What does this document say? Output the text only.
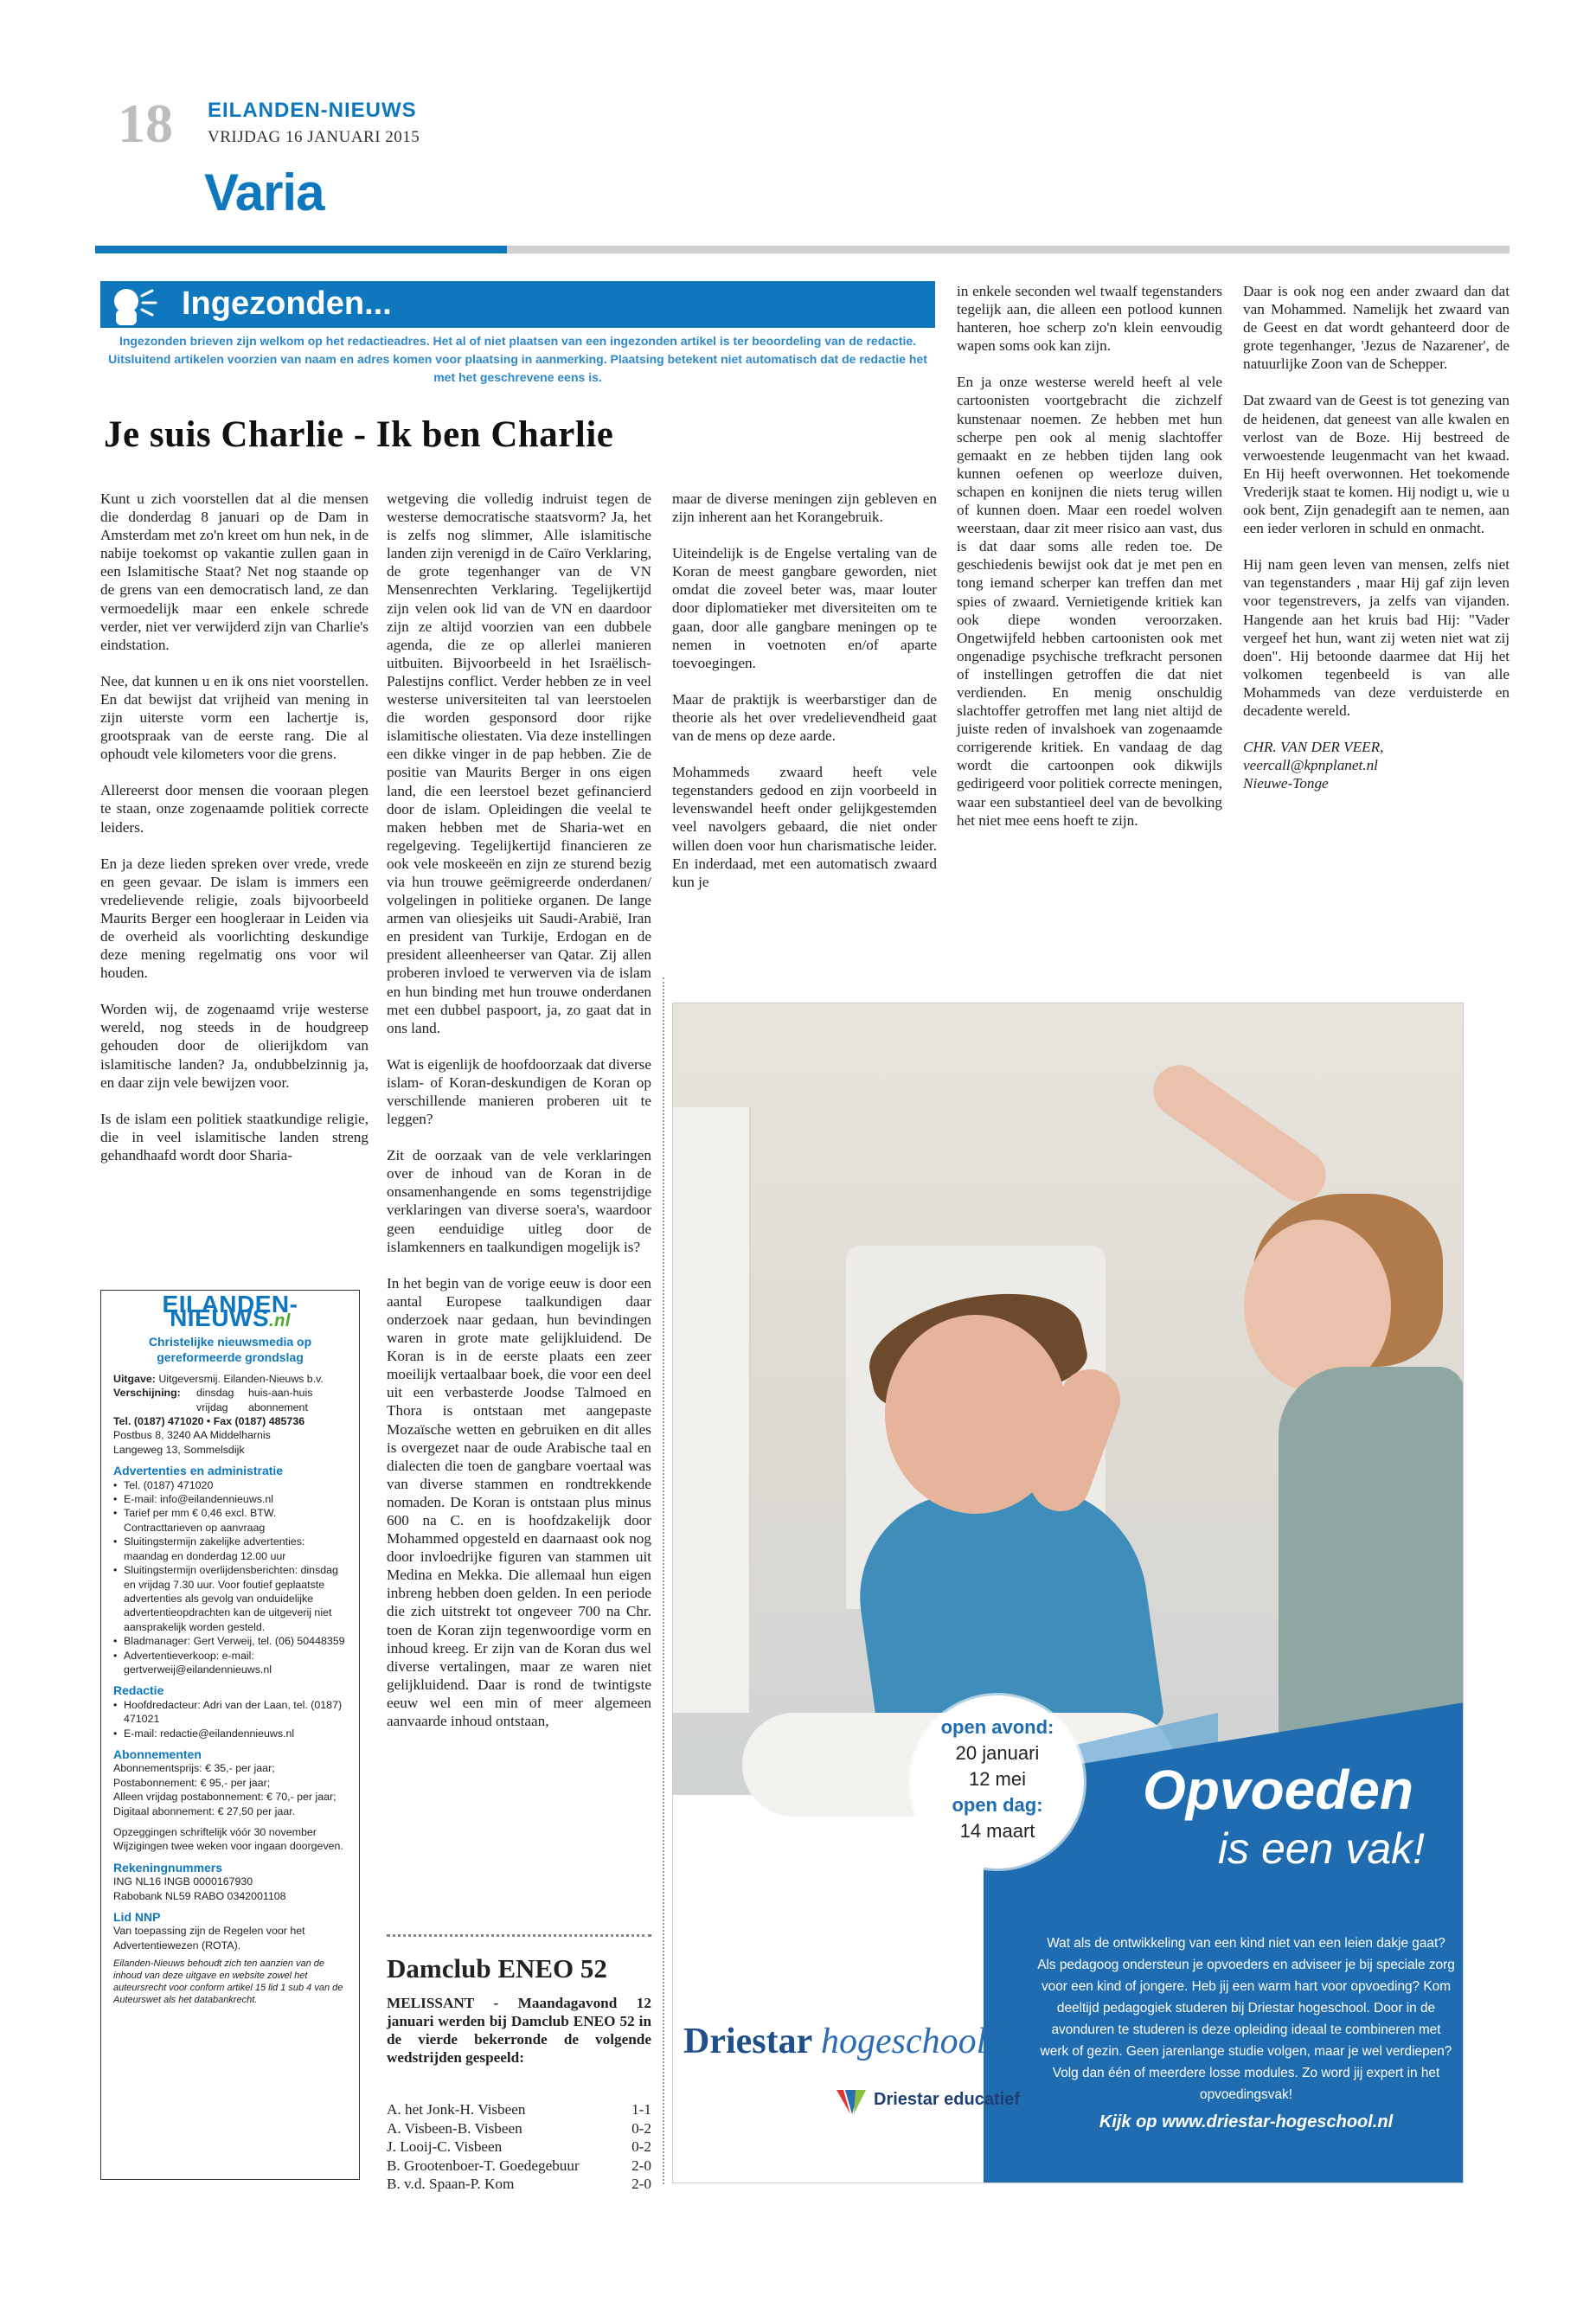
18 EILANDEN-NIEUWS
VRIJDAG 16 JANUARI 2015
Varia
Ingezonden...
Ingezonden brieven zijn welkom op het redactieadres. Het al of niet plaatsen van een ingezonden artikel is ter beoordeling van de redactie. Uitsluitend artikelen voorzien van naam en adres komen voor plaatsing in aanmerking. Plaatsing betekent niet automatisch dat de redactie het met het geschrevene eens is.
Je suis Charlie - Ik ben Charlie

Kunt u zich voorstellen dat al die mensen die donderdag 8 januari op de Dam in Amsterdam met zo'n kreet om hun nek, in de nabije toekomst op vakantie zullen gaan in een Islamitische Staat? Net nog staande op de grens van een democratisch land, ze dan vermoedelijk maar een enkele schrede verder, niet ver verwijderd zijn van Charlie's eindstation.

Nee, dat kunnen u en ik ons niet voorstellen. En dat bewijst dat vrijheid van mening in zijn uiterste vorm een lachertje is, grootspraak van de eerste rang. Die al ophoudt vele kilometers voor die grens.

Allereerst door mensen die vooraan plegen te staan, onze zogenaamde politiek correcte leiders.

En ja deze lieden spreken over vrede, vrede en geen gevaar. De islam is immers een vredelievende religie, zoals bijvoorbeeld Maurits Berger een hoogleraar in Leiden via de overheid als voorlichting deskundige deze mening regelmatig ons voor wil houden.

Worden wij, de zogenaamd vrije westerse wereld, nog steeds in de houdgreep gehouden door de olierijkdom van islamitische landen? Ja, ondubbelzinnig ja, en daar zijn vele bewijzen voor.

Is de islam een politiek staatkundige religie, die in veel islamitische landen streng gehandhaafd wordt door Sharia-

wetgeving die volledig indruist tegen de westerse democratische staatsvorm? Ja, het is zelfs nog slimmer, Alle islamitische landen zijn verenigd in de Caïro Verklaring, de grote tegenhanger van de VN Mensenrechten Verklaring. Tegelijkertijd zijn velen ook lid van de VN en daardoor zijn ze altijd voorzien van een dubbele agenda, die ze op allerlei manieren uitbuiten. Bijvoorbeeld in het Israëlisch-Palestijns conflict. Verder hebben ze in veel westerse universiteiten tal van leerstoelen die worden gesponsord door rijke islamitische oliestaten. Via deze instellingen een dikke vinger in de pap hebben. Zie de positie van Maurits Berger in ons eigen land, die een leerstoel bezet gefinancierd door de islam. Opleidingen die veelal te maken hebben met de Sharia-wet en regelgeving. Tegelijkertijd financieren ze ook vele moskeeën en zijn ze sturend bezig via hun trouwe geëmigreerde onderdanen/ volgelingen in politieke organen. De lange armen van oliesjeiks uit Saudi-Arabië, Iran en president van Turkije, Erdogan en de president alleenheerser van Qatar. Zij allen proberen invloed te verwerven via de islam en hun binding met hun trouwe onderdanen met een dubbel paspoort, ja, zo gaat dat in ons land.

Wat is eigenlijk de hoofdoorzaak dat diverse islam- of Koran-deskundigen de Koran op verschillende manieren proberen uit te leggen?

Zit de oorzaak van de vele verklaringen over de inhoud van de Koran in de onsamenhangende en soms tegenstrijdige verklaringen van diverse soera's, waardoor geen eenduidige uitleg door de islamkenners en taalkundigen mogelijk is?

In het begin van de vorige eeuw is door een aantal Europese taalkundigen daar onderzoek naar gedaan, hun bevindingen waren in grote mate gelijkluidend. De Koran is in de eerste plaats een zeer moeilijk vertaalbaar boek, die voor een deel uit een verbasterde Joodse Talmoed en Thora is ontstaan met aangepaste Mozaïsche wetten en gebruiken en dit alles is overgezet naar de oude Arabische taal en dialecten die toen de gangbare voertaal was van diverse stammen en rondtrekkende nomaden. De Koran is ontstaan plus minus 600 na C. en is hoofdzakelijk door Mohammed opgesteld en daarnaast ook nog door invloedrijke figuren van stammen uit Medina en Mekka. Die allemaal hun eigen inbreng hebben doen gelden. In een periode die zich uitstrekt tot ongeveer 700 na Chr. toen de Koran zijn tegenwoordige vorm en inhoud kreeg. Er zijn van de Koran dus wel diverse vertalingen, maar ze waren niet gelijkluidend. Daar is rond de twintigste eeuw wel een min of meer algemeen aanvaarde inhoud ontstaan,

maar de diverse meningen zijn gebleven en zijn inherent aan het Korangebruik.

Uiteindelijk is de Engelse vertaling van de Koran de meest gangbare geworden, niet omdat die zoveel beter was, maar louter door diplomatieker met diversiteiten om te gaan, door alle gangbare meningen op te nemen in voetnoten en/of aparte toevoegingen.

Maar de praktijk is weerbarstiger dan de theorie als het over vredelievendheid gaat van de mens op deze aarde.

Mohammeds zwaard heeft vele tegenstanders gedood en zijn voorbeeld in levenswandel heeft onder gelijkgestemden veel navolgers gebaard, die niet onder willen doen voor hun charismatische leider. En inderdaad, met een automatisch zwaard kun je

in enkele seconden wel twaalf tegenstanders tegelijk aan, die alleen een potlood kunnen hanteren, hoe scherp zo'n klein eenvoudig wapen soms ook kan zijn.

En ja onze westerse wereld heeft al vele cartoonisten voortgebracht die zichzelf kunstenaar noemen. Ze hebben met hun scherpe pen ook al menig slachtoffer gemaakt en ze hebben tijden lang ook kunnen oefenen op weerloze duiven, schapen en konijnen die niets terug willen of kunnen doen. Maar een roedel wolven weerstaan, daar zit meer risico aan vast, dus is dat daar soms alle reden toe. De geschiedenis bewijst ook dat je met pen en tong iemand scherper kan treffen dan met spies of zwaard. Vernietigende kritiek kan ook diepe wonden veroorzaken. Ongetwijfeld hebben cartoonisten ook met ongenadige psychische trefkracht personen of instellingen getroffen die dat niet verdienden. En menig onschuldig slachtoffer getroffen met lang niet altijd de juiste reden of invalshoek van zogenaamde corrigerende kritiek. En vandaag de dag wordt die cartoonpen ook dikwijls gedirigeerd voor politiek correcte meningen, waar een substantieel deel van de bevolking het niet mee eens hoeft te zijn.

Daar is ook nog een ander zwaard dan dat van Mohammed. Namelijk het zwaard van de Geest en dat wordt gehanteerd door de grote tegenhanger, 'Jezus de Nazarener', de natuurlijke Zoon van de Schepper.

Dat zwaard van de Geest is tot genezing van de heidenen, dat geneest van alle kwalen en verlost van de Boze. Hij bestreed de verwoestende leugenmacht van het kwaad. En Hij heeft overwonnen. Het toekomende Vrederijk staat te komen. Hij nodigt u, wie u ook bent, Zijn genadegift aan te nemen, aan een ieder verloren in schuld en onmacht.

Hij nam geen leven van mensen, zelfs niet van tegenstanders , maar Hij gaf zijn leven voor tegenstrevers, ja zelfs van vijanden. Hangende aan het kruis bad Hij: "Vader vergeef het hun, want zij weten niet wat zij doen". Hij betoonde daarmee dat Hij het volkomen tegenbeeld is van alle Mohammeds van deze verduisterde en decadente wereld.

CHR. VAN DER VEER,
veercall@kpnplanet.nl
Nieuwe-Tonge

EILANDEN-NIEUWS.nl
Christelijke nieuwsmedia op gereformeerde grondslag
Uitgave: Uitgeversmij. Eilanden-Nieuws b.v.
Verschijning:	dinsdag	huis-aan-huis
vrijdag	abonnement
Tel. (0187) 471020 • Fax (0187) 485736
Postbus 8, 3240 AA Middelharnis
Langeweg 13, Sommelsdijk
Advertenties en administratie
• Tel. (0187) 471020
• E-mail: info@eilandennieuws.nl
• Tarief per mm € 0,46 excl. BTW. Contracttarieven op aanvraag
• Sluitingstermijn zakelijke advertenties: maandag en donderdag 12.00 uur
• Sluitingstermijn overlijdensberichten: dinsdag en vrijdag 7.30 uur. Voor foutief geplaatste advertenties als gevolg van onduidelijke advertentieopdrachten kan de uitgeverij niet aansprakelijk worden gesteld.
• Bladmanager: Gert Verweij, tel. (06) 50448359
• Advertentieverkoop: e-mail: gertverweij@eilandennieuws.nl
Redactie
• Hoofdredacteur: Adri van der Laan, tel. (0187) 471021
• E-mail: redactie@eilandennieuws.nl
Abonnementen
Abonnementsprijs: € 35,- per jaar;
Postabonnement: € 95,- per jaar;
Alleen vrijdag postabonnement: € 70,- per jaar;
Digitaal abonnement: € 27,50 per jaar.
Opzeggingen schriftelijk vóór 30 november Wijzigingen twee weken voor ingaan doorgeven.
Rekeningnummers
ING NL16 INGB 0000167930
Rabobank NL59 RABO 0342001108
Lid NNP
Van toepassing zijn de Regelen voor het Advertentiewezen (ROTA).
Eilanden-Nieuws behoudt zich ten aanzien van de inhoud van deze uitgave en website zowel het auteursrecht voor conform artikel 15 lid 1 sub 4 van de Auteurswet als het databankrecht.
Damclub ENEO 52
MELISSANT - Maandagavond 12 januari werden bij Damclub ENEO 52 in de vierde bekerronde de volgende wedstrijden gespeeld:
A. het Jonk-H. Visbeen	1-1
A. Visbeen-B. Visbeen	0-2
J. Looij-C. Visbeen	0-2
B. Grootenboer-T. Goedegebuur	2-0
B. v.d. Spaan-P. Kom	2-0
open avond:
20 januari
12 mei
open dag:
14 maart
Opvoeden
is een vak!
Wat als de ontwikkeling van een kind niet van een leien dakje gaat? Als pedagoog ondersteun je opvoeders en adviseer je bij speciale zorg voor een kind of jongere. Heb jij een warm hart voor opvoeding? Kom deeltijd pedagogiek studeren bij Driestar hogeschool. Door in de avonduren te studeren is deze opleiding ideaal te combineren met werk of gezin. Geen jarenlange studie volgen, maar je wel verdiepen? Volg dan één of meerdere losse modules. Zo word jij expert in het opvoedingsvak!
Kijk op www.driestar-hogeschool.nl
Driestar hogeschool
Driestar educatief
